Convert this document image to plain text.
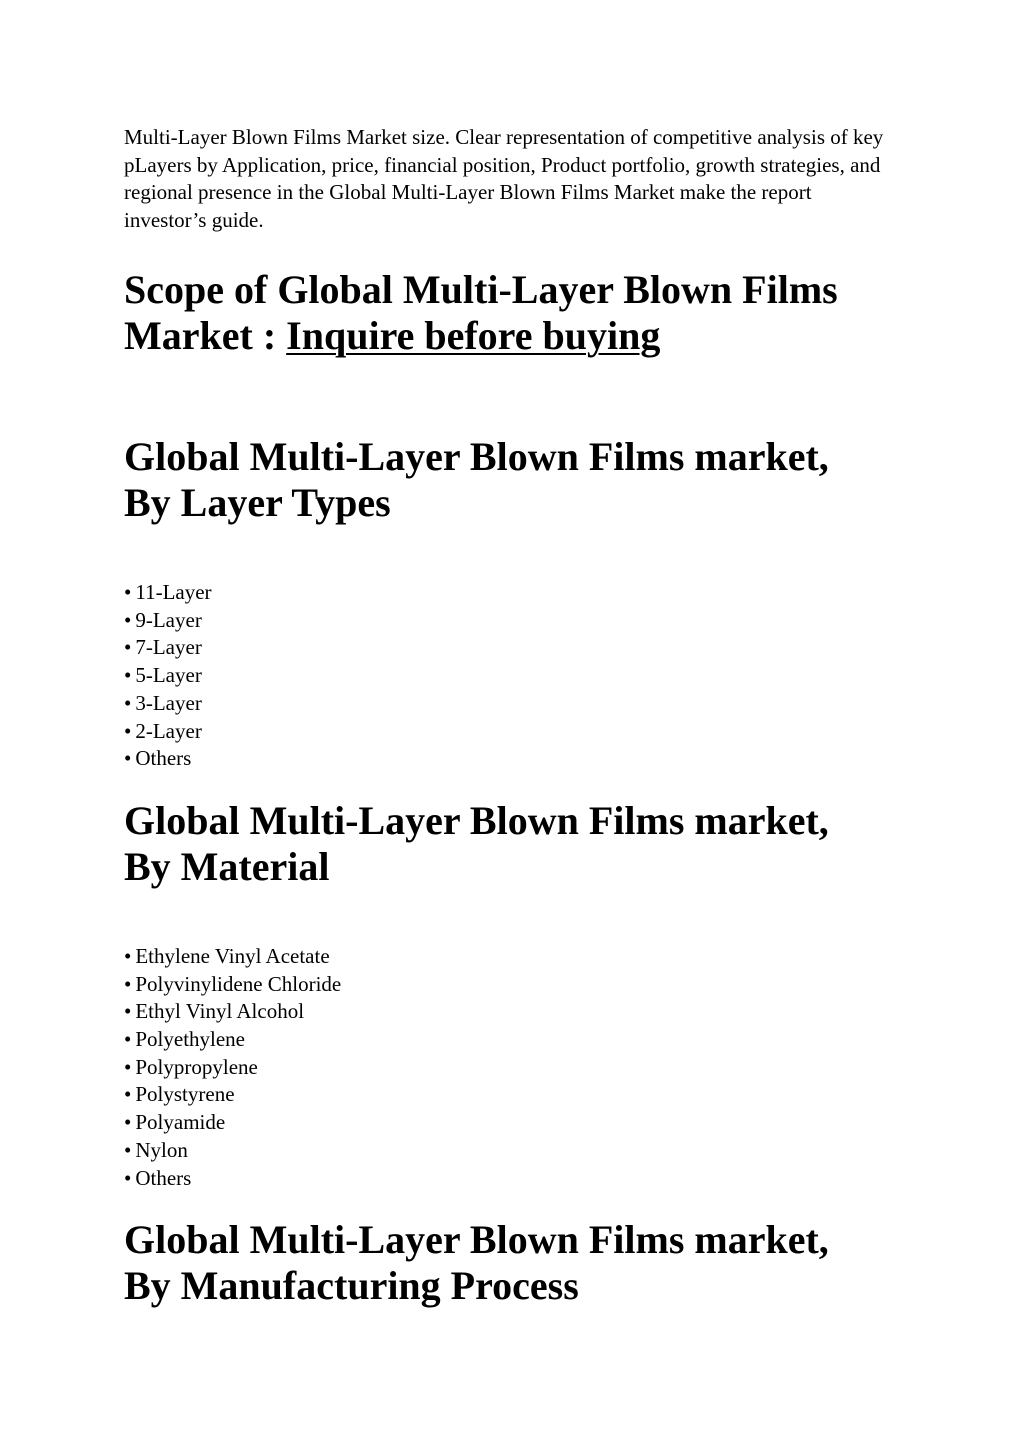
Multi-Layer Blown Films Market size. Clear representation of competitive analysis of key pLayers by Application, price, financial position, Product portfolio, growth strategies, and regional presence in the Global Multi-Layer Blown Films Market make the report investor’s guide.

Scope of Global Multi-Layer Blown Films Market : Inquire before buying
Global Multi-Layer Blown Films market, By Layer Types
• 11-Layer
• 9-Layer
• 7-Layer
• 5-Layer
• 3-Layer
• 2-Layer
• Others
Global Multi-Layer Blown Films market, By Material
• Ethylene Vinyl Acetate
• Polyvinylidene Chloride
• Ethyl Vinyl Alcohol
• Polyethylene
• Polypropylene
• Polystyrene
• Polyamide
• Nylon
• Others
Global Multi-Layer Blown Films market, By Manufacturing Process
